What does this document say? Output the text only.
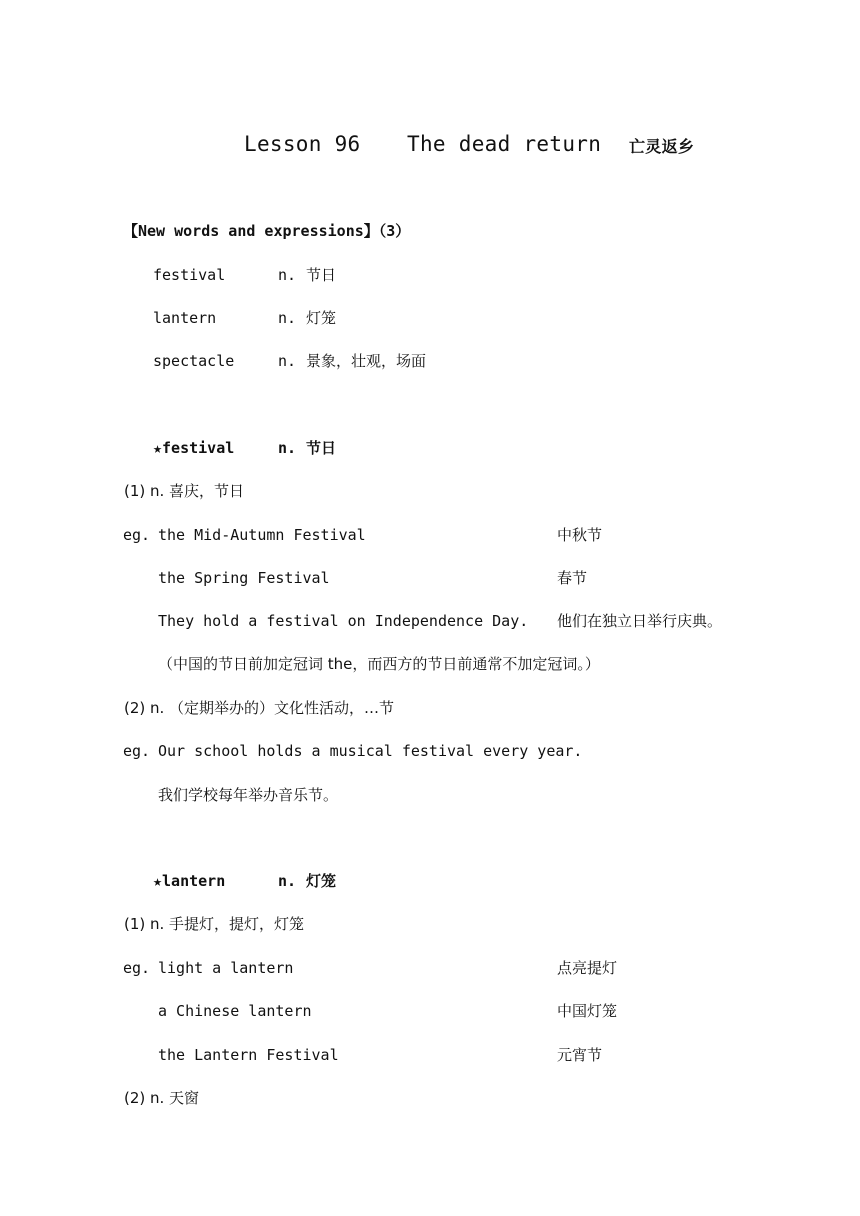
Lesson 96 The dead return 亡灵返乡
【New words and expressions】（3）
festival	n. 节日
lantern	n. 灯笼
spectacle	n. 景象，壮观，场面
★festival	n. 节日
(1) n. 喜庆，节日
eg. the Mid-Autumn Festival	中秋节
the Spring Festival	春节
They hold a festival on Independence Day. 他们在独立日举行庆典。
（中国的节日前加定冠词 the，而西方的节日前通常不加定冠词。）
(2) n. （定期举办的）文化性活动，…节
eg. Our school holds a musical festival every year.
我们学校每年举办音乐节。
★lantern	n. 灯笼
(1) n. 手提灯，提灯，灯笼
eg. light a lantern	点亮提灯
a Chinese lantern	中国灯笼
the Lantern Festival	元宵节
(2) n. 天窗
